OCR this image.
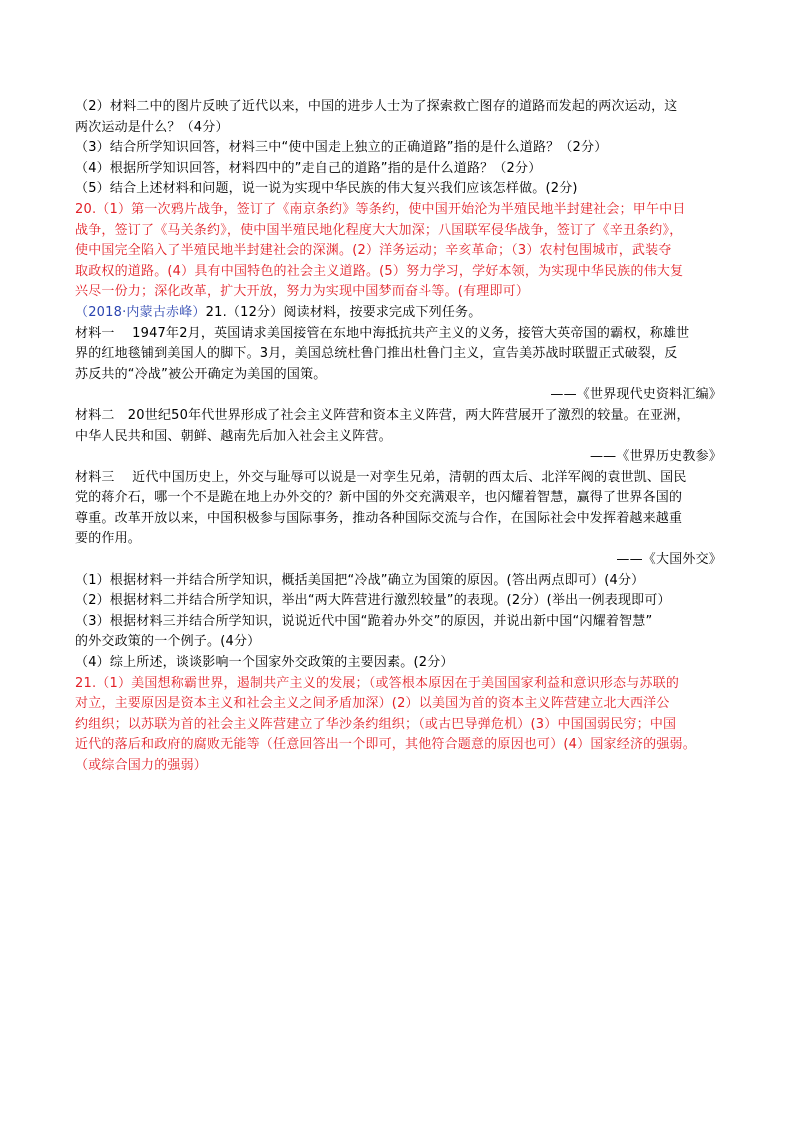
（2）材料二中的图片反映了近代以来，中国的进步人士为了探索救亡图存的道路而发起的两次运动，这
两次运动是什么？（4分）
（3）结合所学知识回答，材料三中“使中国走上独立的正确道路”指的是什么道路？（2分）
（4）根据所学知识回答，材料四中的”走自己的道路”指的是什么道路？（2分）
（5）结合上述材料和问题，说一说为实现中华民族的伟大复兴我们应该怎样做。(2分)
20.（1）第一次鸦片战争，签订了《南京条约》等条约，使中国开始沦为半殖民地半封建社会；甲午中日
战争，签订了《马关条约》，使中国半殖民地化程度大大加深；八国联军侵华战争，签订了《辛丑条约》，
使中国完全陷入了半殖民地半封建社会的深渊。(2）洋务运动；辛亥革命；（3）农村包围城市，武装夺
取政权的道路。(4）具有中国特色的社会主义道路。(5）努力学习，学好本领，为实现中华民族的伟大复
兴尽一份力；深化改革，扩大开放，努力为实现中国梦而奋斗等。(有理即可）
（2018·内蒙古赤峰）21.（12分）阅读材料，按要求完成下列任务。
材料一　 1947年2月，英国请求美国接管在东地中海抵抗共产主义的义务，接管大英帝国的霸权，称雄世
界的红地毯铺到美国人的脚下。3月，美国总统杜鲁门推出杜鲁门主义，宣告美苏战时联盟正式破裂，反
苏反共的“冷战”被公开确定为美国的国策。
——《世界现代史资料汇编》
材料二　20世纪50年代世界形成了社会主义阵营和资本主义阵营，两大阵营展开了激烈的较量。在亚洲，
中华人民共和国、朝鲜、越南先后加入社会主义阵营。
——《世界历史教参》
材料三　 近代中国历史上，外交与耻辱可以说是一对孪生兄弟，清朝的西太后、北洋军阀的袁世凯、国民
党的蒋介石，哪一个不是跪在地上办外交的？新中国的外交充满艰辛，也闪耀着智慧，赢得了世界各国的
尊重。改革开放以来，中国积极参与国际事务，推动各种国际交流与合作，在国际社会中发挥着越来越重
要的作用。
——《大国外交》
（1）根据材料一并结合所学知识，概括美国把“冷战”确立为国策的原因。(答出两点即可）(4分）
（2）根据材料二并结合所学知识，举出“两大阵营进行激烈较量”的表现。(2分）(举出一例表现即可）
（3）根据材料三并结合所学知识，说说近代中国“跪着办外交”的原因，并说出新中国“闪耀着智慧”
的外交政策的一个例子。(4分）
（4）综上所述，谈谈影响一个国家外交政策的主要因素。(2分）
21.（1）美国想称霸世界，遏制共产主义的发展；（或答根本原因在于美国国家利益和意识形态与苏联的
对立，主要原因是资本主义和社会主义之间矛盾加深）(2）以美国为首的资本主义阵营建立北大西洋公
约组织；以苏联为首的社会主义阵营建立了华沙条约组织；（或古巴导弹危机）(3）中国国弱民穷；中国
近代的落后和政府的腐败无能等（任意回答出一个即可，其他符合题意的原因也可）(4）国家经济的强弱。
（或综合国力的强弱）
